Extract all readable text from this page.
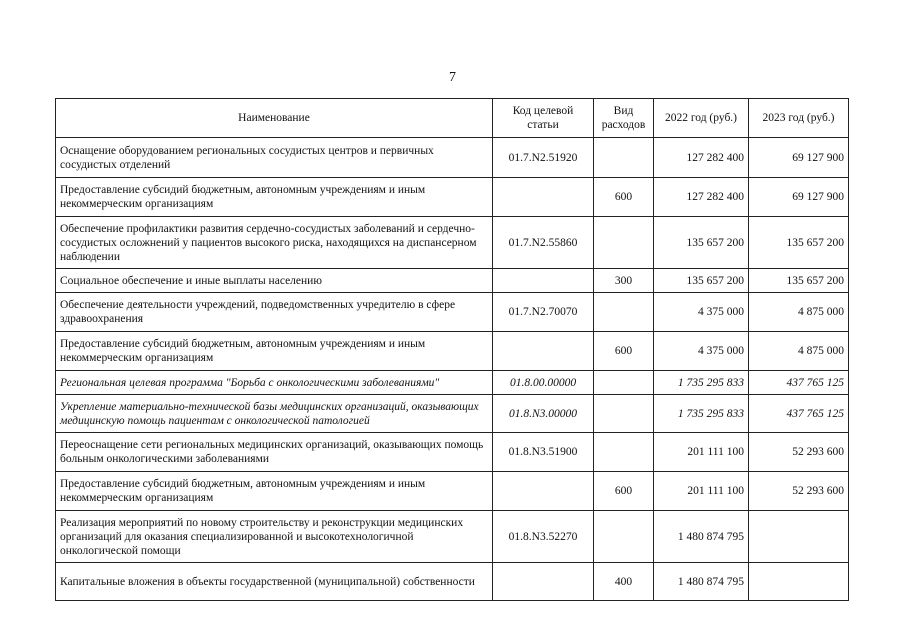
7
Наименование	Код целевой статьи	Вид расходов	2022 год (руб.)	2023 год (руб.)
Оснащение оборудованием региональных сосудистых центров и первичных сосудистых отделений	01.7.N2.51920		127 282 400	69 127 900
Предоставление субсидий бюджетным, автономным учреждениям и иным некоммерческим организациям		600	127 282 400	69 127 900
Обеспечение профилактики развития сердечно-сосудистых заболеваний и сердечно-сосудистых осложнений у пациентов высокого риска, находящихся на диспансерном наблюдении	01.7.N2.55860		135 657 200	135 657 200
Социальное обеспечение и иные выплаты населению		300	135 657 200	135 657 200
Обеспечение деятельности учреждений, подведомственных учредителю в сфере здравоохранения	01.7.N2.70070		4 375 000	4 875 000
Предоставление субсидий бюджетным, автономным учреждениям и иным некоммерческим организациям		600	4 375 000	4 875 000
Региональная целевая программа "Борьба с онкологическими заболеваниями"	01.8.00.00000		1 735 295 833	437 765 125
Укрепление материально-технической базы медицинских организаций, оказывающих медицинскую помощь пациентам с онкологической патологией	01.8.N3.00000		1 735 295 833	437 765 125
Переоснащение сети региональных медицинских организаций, оказывающих помощь больным онкологическими заболеваниями	01.8.N3.51900		201 111 100	52 293 600
Предоставление субсидий бюджетным, автономным учреждениям и иным некоммерческим организациям		600	201 111 100	52 293 600
Реализация мероприятий по новому строительству и реконструкции медицинских организаций для оказания специализированной и высокотехнологичной онкологической помощи	01.8.N3.52270		1 480 874 795	
Капитальные вложения в объекты государственной (муниципальной) собственности		400	1 480 874 795	
